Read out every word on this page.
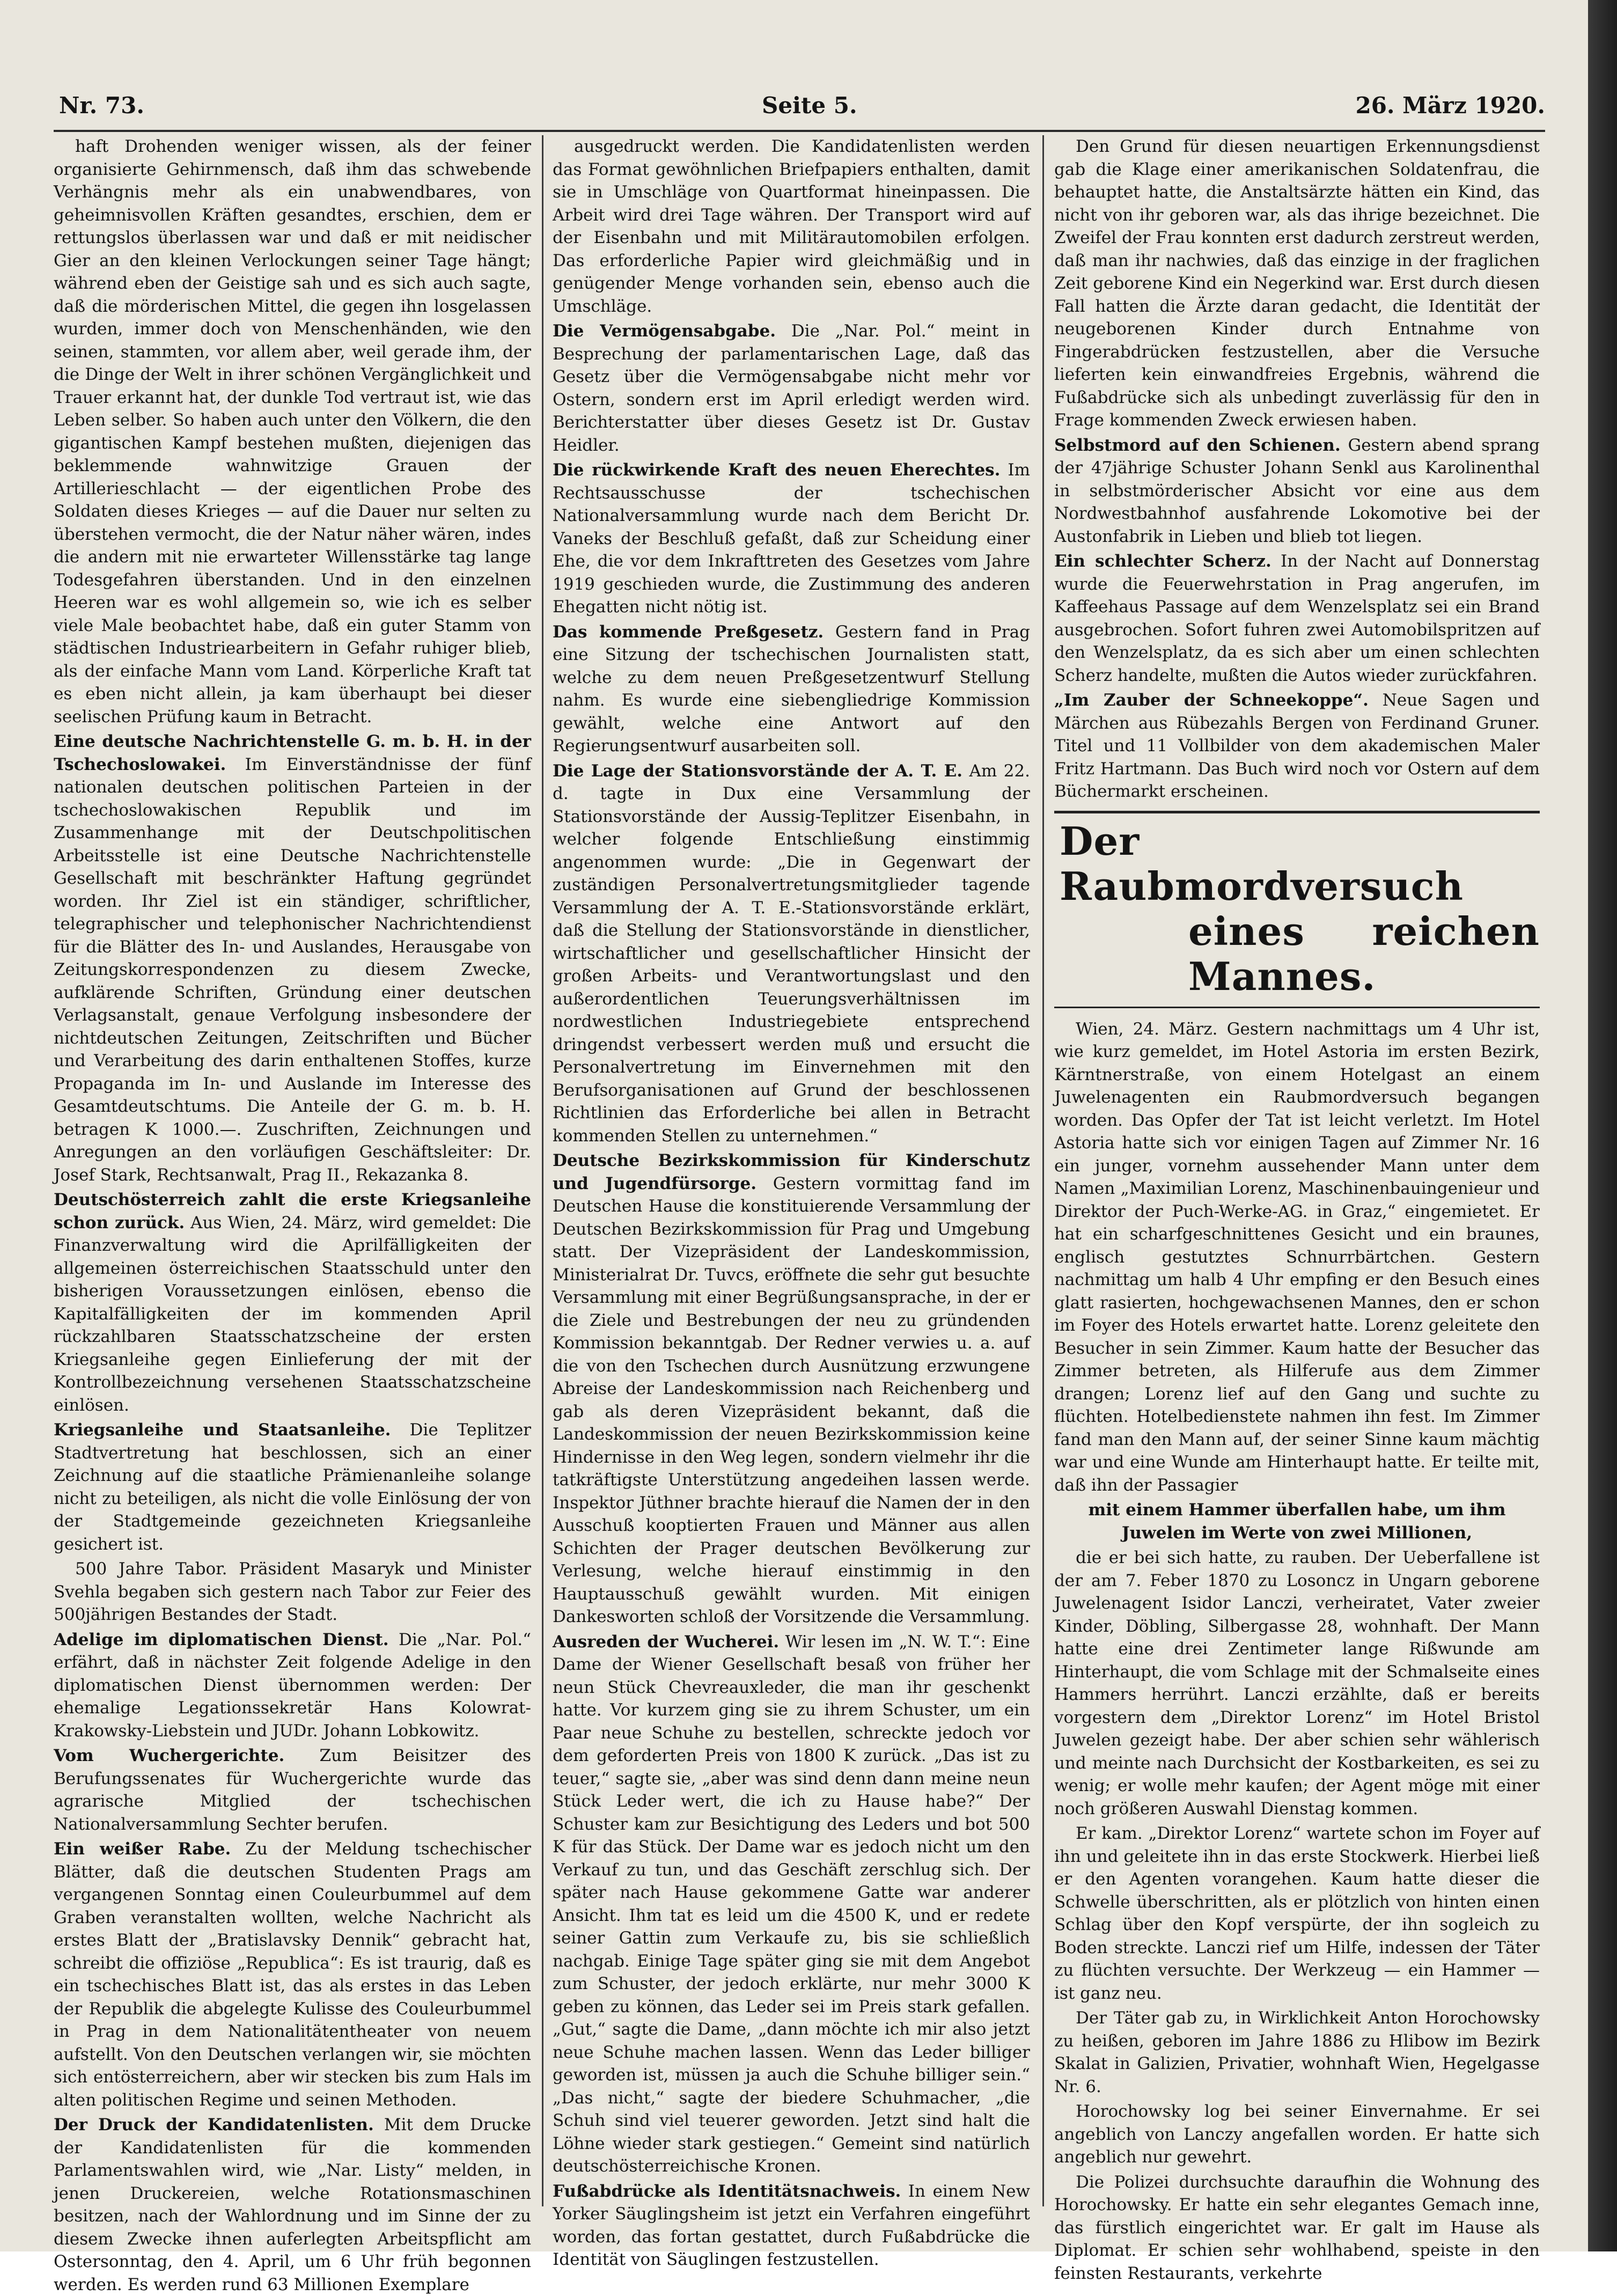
Nr. 73.	Seite 5.	26. März 1920.

haft Drohenden weniger wissen, als der feiner organisierte Gehirnmensch, daß ihm das schwebende Verhängnis mehr als ein unabwendbares, von geheimnisvollen Kräften gesandtes, erschien, dem er rettungslos überlassen war und daß er mit neidischer Gier an den kleinen Verlockungen seiner Tage hängt; während eben der Geistige sah und es sich auch sagte, daß die mörderischen Mittel, die gegen ihn losgelassen wurden, immer doch von Menschenhänden, wie den seinen, stammten, vor allem aber, weil gerade ihm, der die Dinge der Welt in ihrer schönen Vergänglichkeit und Trauer erkannt hat, der dunkle Tod vertraut ist, wie das Leben selber. So haben auch unter den Völkern, die den gigantischen Kampf bestehen mußten, diejenigen das beklemmende wahnwitzige Grauen der Artillerieschlacht — der eigentlichen Probe des Soldaten dieses Krieges — auf die Dauer nur selten zu überstehen vermocht, die der Natur näher wären, indes die andern mit nie erwarteter Willensstärke tag lange Todesgefahren überstanden. Und in den einzelnen Heeren war es wohl allgemein so, wie ich es selber viele Male beobachtet habe, daß ein guter Stamm von städtischen Industriearbeitern in Gefahr ruhiger blieb, als der einfache Mann vom Land. Körperliche Kraft tat es eben nicht allein, ja kam überhaupt bei dieser seelischen Prüfung kaum in Betracht.

Eine deutsche Nachrichtenstelle G. m. b. H. in der Tschechoslowakei. Im Einverständnisse der fünf nationalen deutschen politischen Parteien in der tschechoslowakischen Republik und im Zusammenhange mit der Deutschpolitischen Arbeitsstelle ist eine Deutsche Nachrichtenstelle Gesellschaft mit beschränkter Haftung gegründet worden. Ihr Ziel ist ein ständiger, schriftlicher, telegraphischer und telephonischer Nachrichtendienst für die Blätter des In- und Auslandes, Herausgabe von Zeitungskorrespondenzen zu diesem Zwecke, aufklärende Schriften, Gründung einer deutschen Verlagsanstalt, genaue Verfolgung insbesondere der nichtdeutschen Zeitungen, Zeitschriften und Bücher und Verarbeitung des darin enthaltenen Stoffes, kurze Propaganda im In- und Auslande im Interesse des Gesamtdeutschtums. Die Anteile der G. m. b. H. betragen K 1000.—. Zuschriften, Zeichnungen und Anregungen an den vorläufigen Geschäftsleiter: Dr. Josef Stark, Rechtsanwalt, Prag II., Rekazanka 8.

Deutschösterreich zahlt die erste Kriegsanleihe schon zurück. Aus Wien, 24. März, wird gemeldet: Die Finanzverwaltung wird die Aprilfälligkeiten der allgemeinen österreichischen Staatsschuld unter den bisherigen Voraussetzungen einlösen, ebenso die Kapitalfälligkeiten der im kommenden April rückzahlbaren Staatsschatzscheine der ersten Kriegsanleihe gegen Einlieferung der mit der Kontrollbezeichnung versehenen Staatsschatzscheine einlösen.

Kriegsanleihe und Staatsanleihe. Die Teplitzer Stadtvertretung hat beschlossen, sich an einer Zeichnung auf die staatliche Prämienanleihe solange nicht zu beteiligen, als nicht die volle Einlösung der von der Stadtgemeinde gezeichneten Kriegsanleihe gesichert ist.

500 Jahre Tabor. Präsident Masaryk und Minister Svehla begaben sich gestern nach Tabor zur Feier des 500jährigen Bestandes der Stadt.

Adelige im diplomatischen Dienst. Die „Nar. Pol.“ erfährt, daß in nächster Zeit folgende Adelige in den diplomatischen Dienst übernommen werden: Der ehemalige Legationssekretär Hans Kolowrat-Krakowsky-Liebstein und JUDr. Johann Lobkowitz.

Vom Wuchergerichte. Zum Beisitzer des Berufungssenates für Wuchergerichte wurde das agrarische Mitglied der tschechischen Nationalversammlung Sechter berufen.

Ein weißer Rabe. Zu der Meldung tschechischer Blätter, daß die deutschen Studenten Prags am vergangenen Sonntag einen Couleurbummel auf dem Graben veranstalten wollten, welche Nachricht als erstes Blatt der „Bratislavsky Dennik“ gebracht hat, schreibt die offiziöse „Republica“: Es ist traurig, daß es ein tschechisches Blatt ist, das als erstes in das Leben der Republik die abgelegte Kulisse des Couleurbummel in Prag in dem Nationalitätentheater von neuem aufstellt. Von den Deutschen verlangen wir, sie möchten sich entösterreichern, aber wir stecken bis zum Hals im alten politischen Regime und seinen Methoden.

Der Druck der Kandidatenlisten. Mit dem Drucke der Kandidatenlisten für die kommenden Parlamentswahlen wird, wie „Nar. Listy“ melden, in jenen Druckereien, welche Rotationsmaschinen besitzen, nach der Wahlordnung und im Sinne der zu diesem Zwecke ihnen auferlegten Arbeitspflicht am Ostersonntag, den 4. April, um 6 Uhr früh begonnen werden. Es werden rund 63 Millionen Exemplare

ausgedruckt werden. Die Kandidatenlisten werden das Format gewöhnlichen Briefpapiers enthalten, damit sie in Umschläge von Quartformat hineinpassen. Die Arbeit wird drei Tage währen. Der Transport wird auf der Eisenbahn und mit Militärautomobilen erfolgen. Das erforderliche Papier wird gleichmäßig und in genügender Menge vorhanden sein, ebenso auch die Umschläge.

Die Vermögensabgabe. Die „Nar. Pol.“ meint in Besprechung der parlamentarischen Lage, daß das Gesetz über die Vermögensabgabe nicht mehr vor Ostern, sondern erst im April erledigt werden wird. Berichterstatter über dieses Gesetz ist Dr. Gustav Heidler.

Die rückwirkende Kraft des neuen Eherechtes. Im Rechtsausschusse der tschechischen Nationalversammlung wurde nach dem Bericht Dr. Vaneks der Beschluß gefaßt, daß zur Scheidung einer Ehe, die vor dem Inkrafttreten des Gesetzes vom Jahre 1919 geschieden wurde, die Zustimmung des anderen Ehegatten nicht nötig ist.

Das kommende Preßgesetz. Gestern fand in Prag eine Sitzung der tschechischen Journalisten statt, welche zu dem neuen Preßgesetzentwurf Stellung nahm. Es wurde eine siebengliedrige Kommission gewählt, welche eine Antwort auf den Regierungsentwurf ausarbeiten soll.

Die Lage der Stationsvorstände der A. T. E. Am 22. d. tagte in Dux eine Versammlung der Stationsvorstände der Aussig-Teplitzer Eisenbahn, in welcher folgende Entschließung einstimmig angenommen wurde: „Die in Gegenwart der zuständigen Personalvertretungsmitglieder tagende Versammlung der A. T. E.-Stationsvorstände erklärt, daß die Stellung der Stationsvorstände in dienstlicher, wirtschaftlicher und gesellschaftlicher Hinsicht der großen Arbeits- und Verantwortungslast und den außerordentlichen Teuerungsverhältnissen im nordwestlichen Industriegebiete entsprechend dringendst verbessert werden muß und ersucht die Personalvertretung im Einvernehmen mit den Berufsorganisationen auf Grund der beschlossenen Richtlinien das Erforderliche bei allen in Betracht kommenden Stellen zu unternehmen.“

Deutsche Bezirkskommission für Kinderschutz und Jugendfürsorge. Gestern vormittag fand im Deutschen Hause die konstituierende Versammlung der Deutschen Bezirkskommission für Prag und Umgebung statt. Der Vizepräsident der Landeskommission, Ministerialrat Dr. Tuvcs, eröffnete die sehr gut besuchte Versammlung mit einer Begrüßungsansprache, in der er die Ziele und Bestrebungen der neu zu gründenden Kommission bekanntgab. Der Redner verwies u. a. auf die von den Tschechen durch Ausnützung erzwungene Abreise der Landeskommission nach Reichenberg und gab als deren Vizepräsident bekannt, daß die Landeskommission der neuen Bezirkskommission keine Hindernisse in den Weg legen, sondern vielmehr ihr die tatkräftigste Unterstützung angedeihen lassen werde. Inspektor Jüthner brachte hierauf die Namen der in den Ausschuß kooptierten Frauen und Männer aus allen Schichten der Prager deutschen Bevölkerung zur Verlesung, welche hierauf einstimmig in den Hauptausschuß gewählt wurden. Mit einigen Dankesworten schloß der Vorsitzende die Versammlung.

Ausreden der Wucherei. Wir lesen im „N. W. T.“: Eine Dame der Wiener Gesellschaft besaß von früher her neun Stück Chevreauxleder, die man ihr geschenkt hatte. Vor kurzem ging sie zu ihrem Schuster, um ein Paar neue Schuhe zu bestellen, schreckte jedoch vor dem geforderten Preis von 1800 K zurück. „Das ist zu teuer,“ sagte sie, „aber was sind denn dann meine neun Stück Leder wert, die ich zu Hause habe?“ Der Schuster kam zur Besichtigung des Leders und bot 500 K für das Stück. Der Dame war es jedoch nicht um den Verkauf zu tun, und das Geschäft zerschlug sich. Der später nach Hause gekommene Gatte war anderer Ansicht. Ihm tat es leid um die 4500 K, und er redete seiner Gattin zum Verkaufe zu, bis sie schließlich nachgab. Einige Tage später ging sie mit dem Angebot zum Schuster, der jedoch erklärte, nur mehr 3000 K geben zu können, das Leder sei im Preis stark gefallen. „Gut,“ sagte die Dame, „dann möchte ich mir also jetzt neue Schuhe machen lassen. Wenn das Leder billiger geworden ist, müssen ja auch die Schuhe billiger sein.“ „Das nicht,“ sagte der biedere Schuhmacher, „die Schuh sind viel teuerer geworden. Jetzt sind halt die Löhne wieder stark gestiegen.“ Gemeint sind natürlich deutschösterreichische Kronen.

Fußabdrücke als Identitätsnachweis. In einem New Yorker Säuglingsheim ist jetzt ein Verfahren eingeführt worden, das fortan gestattet, durch Fußabdrücke die Identität von Säuglingen festzustellen.

Den Grund für diesen neuartigen Erkennungsdienst gab die Klage einer amerikanischen Soldatenfrau, die behauptet hatte, die Anstaltsärzte hätten ein Kind, das nicht von ihr geboren war, als das ihrige bezeichnet. Die Zweifel der Frau konnten erst dadurch zerstreut werden, daß man ihr nachwies, daß das einzige in der fraglichen Zeit geborene Kind ein Negerkind war. Erst durch diesen Fall hatten die Ärzte daran gedacht, die Identität der neugeborenen Kinder durch Entnahme von Fingerabdrücken festzustellen, aber die Versuche lieferten kein einwandfreies Ergebnis, während die Fußabdrücke sich als unbedingt zuverlässig für den in Frage kommenden Zweck erwiesen haben.

Selbstmord auf den Schienen. Gestern abend sprang der 47jährige Schuster Johann Senkl aus Karolinenthal in selbstmörderischer Absicht vor eine aus dem Nordwestbahnhof ausfahrende Lokomotive bei der Austonfabrik in Lieben und blieb tot liegen.

Ein schlechter Scherz. In der Nacht auf Donnerstag wurde die Feuerwehrstation in Prag angerufen, im Kaffeehaus Passage auf dem Wenzelsplatz sei ein Brand ausgebrochen. Sofort fuhren zwei Automobilspritzen auf den Wenzelsplatz, da es sich aber um einen schlechten Scherz handelte, mußten die Autos wieder zurückfahren.

„Im Zauber der Schneekoppe“. Neue Sagen und Märchen aus Rübezahls Bergen von Ferdinand Gruner. Titel und 11 Vollbilder von dem akademischen Maler Fritz Hartmann. Das Buch wird noch vor Ostern auf dem Büchermarkt erscheinen.

Der Raubmordversuch
eines reichen Mannes.

Wien, 24. März. Gestern nachmittags um 4 Uhr ist, wie kurz gemeldet, im Hotel Astoria im ersten Bezirk, Kärntnerstraße, von einem Hotelgast an einem Juwelenagenten ein Raubmordversuch begangen worden. Das Opfer der Tat ist leicht verletzt. Im Hotel Astoria hatte sich vor einigen Tagen auf Zimmer Nr. 16 ein junger, vornehm aussehender Mann unter dem Namen „Maximilian Lorenz, Maschinenbauingenieur und Direktor der Puch-Werke-AG. in Graz,“ eingemietet. Er hat ein scharfgeschnittenes Gesicht und ein braunes, englisch gestutztes Schnurrbärtchen. Gestern nachmittag um halb 4 Uhr empfing er den Besuch eines glatt rasierten, hochgewachsenen Mannes, den er schon im Foyer des Hotels erwartet hatte. Lorenz geleitete den Besucher in sein Zimmer. Kaum hatte der Besucher das Zimmer betreten, als Hilferufe aus dem Zimmer drangen; Lorenz lief auf den Gang und suchte zu flüchten. Hotelbedienstete nahmen ihn fest. Im Zimmer fand man den Mann auf, der seiner Sinne kaum mächtig war und eine Wunde am Hinterhaupt hatte. Er teilte mit, daß ihn der Passagier

mit einem Hammer überfallen habe, um ihm Juwelen im Werte von zwei Millionen,

die er bei sich hatte, zu rauben. Der Ueberfallene ist der am 7. Feber 1870 zu Losoncz in Ungarn geborene Juwelenagent Isidor Lanczi, verheiratet, Vater zweier Kinder, Döbling, Silbergasse 28, wohnhaft. Der Mann hatte eine drei Zentimeter lange Rißwunde am Hinterhaupt, die vom Schlage mit der Schmalseite eines Hammers herrührt. Lanczi erzählte, daß er bereits vorgestern dem „Direktor Lorenz“ im Hotel Bristol Juwelen gezeigt habe. Der aber schien sehr wählerisch und meinte nach Durchsicht der Kostbarkeiten, es sei zu wenig; er wolle mehr kaufen; der Agent möge mit einer noch größeren Auswahl Dienstag kommen.

Er kam. „Direktor Lorenz“ wartete schon im Foyer auf ihn und geleitete ihn in das erste Stockwerk. Hierbei ließ er den Agenten vorangehen. Kaum hatte dieser die Schwelle überschritten, als er plötzlich von hinten einen Schlag über den Kopf verspürte, der ihn sogleich zu Boden streckte. Lanczi rief um Hilfe, indessen der Täter zu flüchten versuchte. Der Werkzeug — ein Hammer — ist ganz neu.

Der Täter gab zu, in Wirklichkeit Anton Horochowsky zu heißen, geboren im Jahre 1886 zu Hlibow im Bezirk Skalat in Galizien, Privatier, wohnhaft Wien, Hegelgasse Nr. 6.

Horochowsky log bei seiner Einvernahme. Er sei angeblich von Lanczy angefallen worden. Er hatte sich angeblich nur gewehrt.

Die Polizei durchsuchte daraufhin die Wohnung des Horochowsky. Er hatte ein sehr elegantes Gemach inne, das fürstlich eingerichtet war. Er galt im Hause als Diplomat. Er schien sehr wohlhabend, speiste in den feinsten Restaurants, verkehrte
